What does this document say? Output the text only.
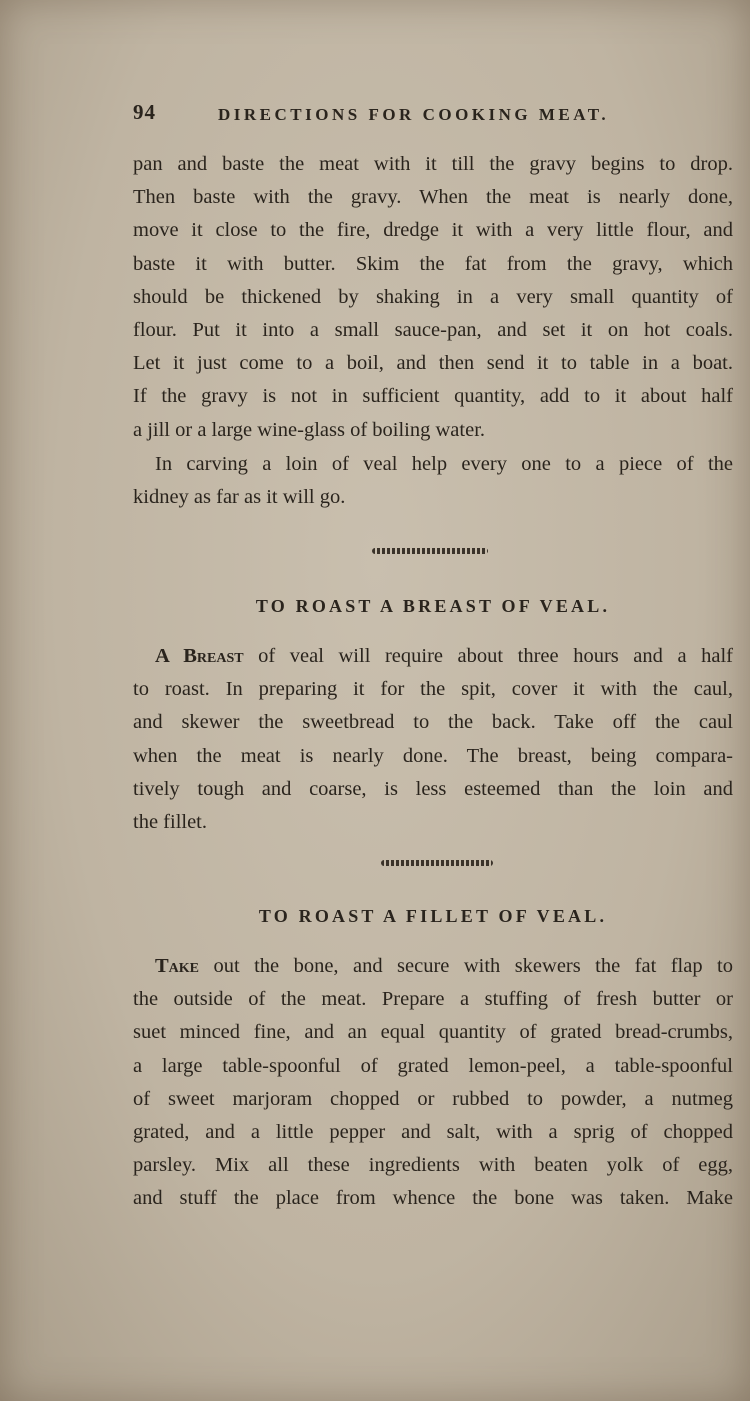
94	DIRECTIONS FOR COOKING MEAT.
pan and baste the meat with it till the gravy begins to drop.
Then baste with the gravy. When the meat is nearly done,
move it close to the fire, dredge it with a very little flour, and
baste it with butter. Skim the fat from the gravy, which
should be thickened by shaking in a very small quantity of
flour. Put it into a small sauce-pan, and set it on hot coals.
Let it just come to a boil, and then send it to table in a boat.
If the gravy is not in sufficient quantity, add to it about half
a jill or a large wine-glass of boiling water.
In carving a loin of veal help every one to a piece of the
kidney as far as it will go.
TO ROAST A BREAST OF VEAL.
A Breast of veal will require about three hours and a half
to roast. In preparing it for the spit, cover it with the caul,
and skewer the sweetbread to the back. Take off the caul
when the meat is nearly done. The breast, being compara-
tively tough and coarse, is less esteemed than the loin and
the fillet.
TO ROAST A FILLET OF VEAL.
Take out the bone, and secure with skewers the fat flap to
the outside of the meat. Prepare a stuffing of fresh butter or
suet minced fine, and an equal quantity of grated bread-crumbs,
a large table-spoonful of grated lemon-peel, a table-spoonful
of sweet marjoram chopped or rubbed to powder, a nutmeg
grated, and a little pepper and salt, with a sprig of chopped
parsley. Mix all these ingredients with beaten yolk of egg,
and stuff the place from whence the bone was taken. Make
